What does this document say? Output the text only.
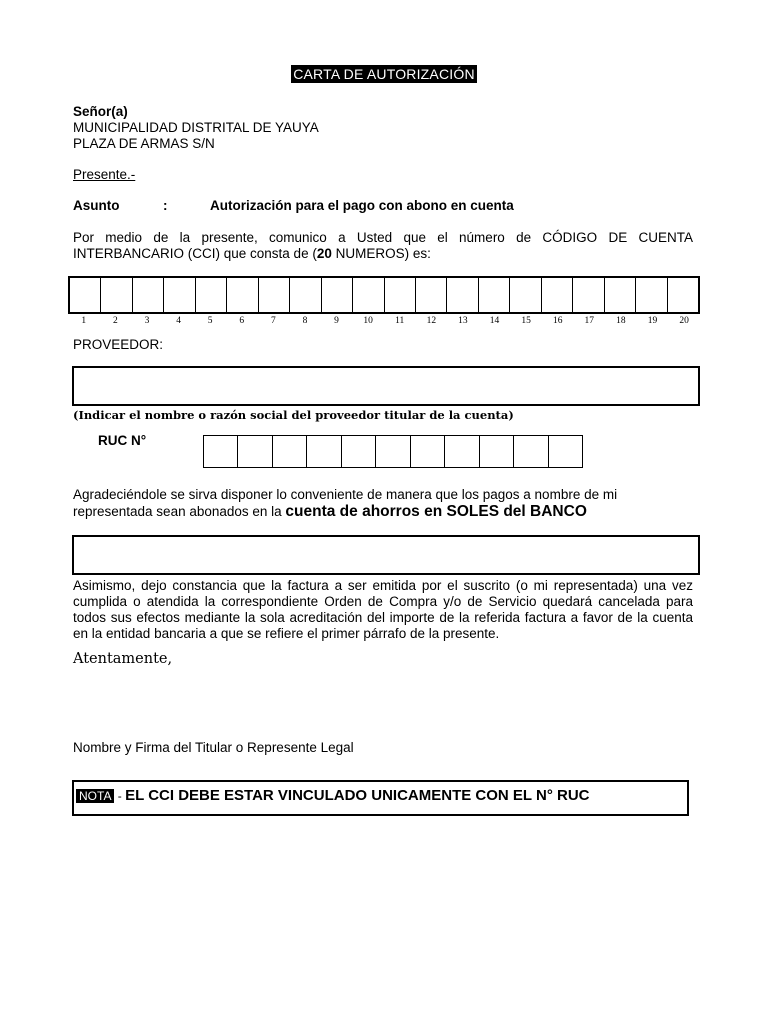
CARTA DE AUTORIZACIÓN
Señor(a)
MUNICIPALIDAD DISTRITAL DE YAUYA
PLAZA DE ARMAS S/N
Presente.-
Asunto	:	Autorización para el pago con abono en cuenta
Por medio de la presente, comunico a Usted que el número de CÓDIGO DE CUENTA INTERBANCARIO (CCI) que consta de (20 NUMEROS) es:
1	2	3	4	5	6	7	8	9	10	11	12	13	14	15	16	17	18	19	20
PROVEEDOR:
(Indicar el nombre o razón social del proveedor titular de la cuenta)
RUC N°
Agradeciéndole se sirva disponer lo conveniente de manera que los pagos a nombre de mi representada sean abonados en la cuenta de ahorros en SOLES del BANCO
Asimismo, dejo constancia que la factura a ser emitida por el suscrito (o mi representada) una vez cumplida o atendida la correspondiente Orden de Compra y/o de Servicio quedará cancelada para todos sus efectos mediante la sola acreditación del importe de la referida factura a favor de la cuenta en la entidad bancaria a que se refiere el primer párrafo de la presente.
Atentamente,
Nombre y Firma del Titular o Represente Legal
NOTA - EL CCI DEBE ESTAR VINCULADO UNICAMENTE CON EL N° RUC
